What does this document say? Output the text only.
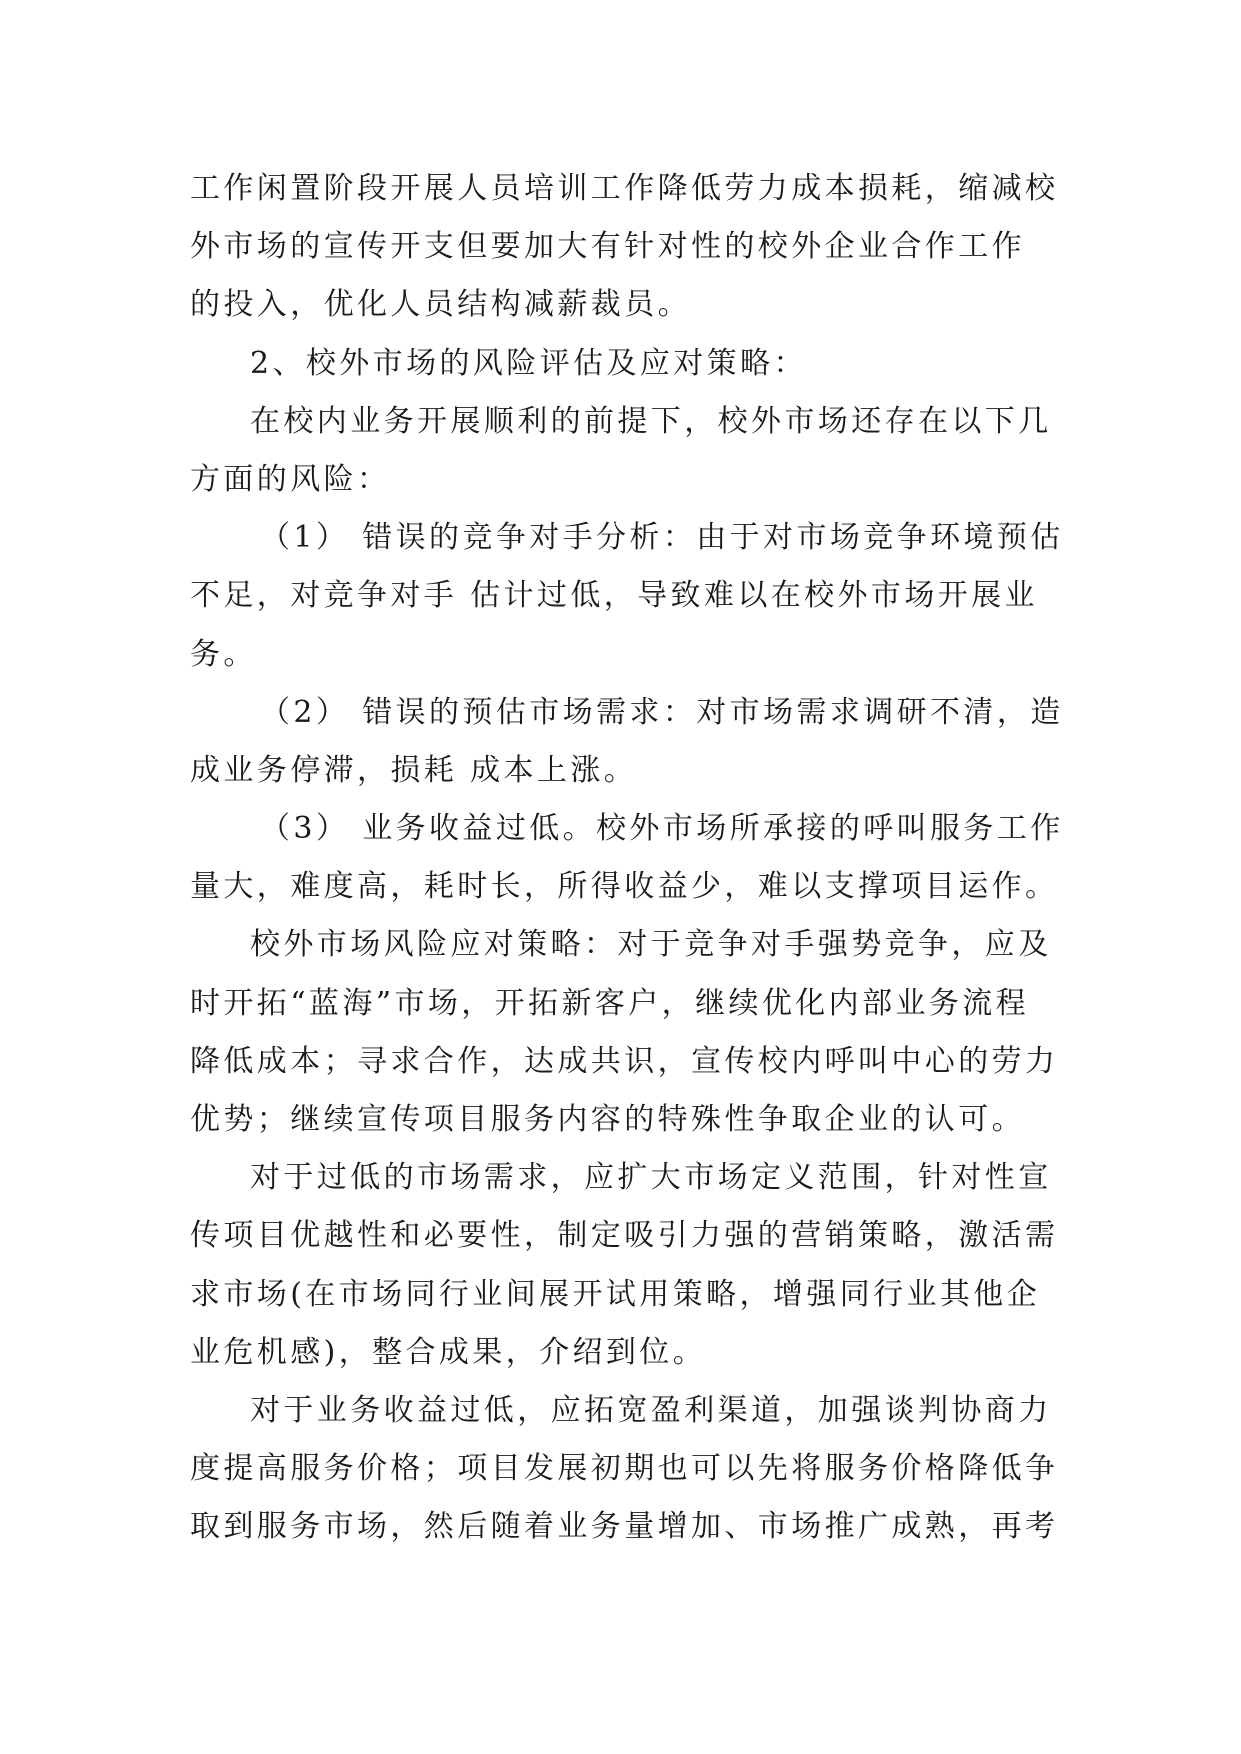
工作闲置阶段开展人员培训工作降低劳力成本损耗，缩减校
外市场的宣传开支但要加大有针对性的校外企业合作工作
的投入，优化人员结构减薪裁员。
2、校外市场的风险评估及应对策略：
在校内业务开展顺利的前提下，校外市场还存在以下几
方面的风险：
（1） 错误的竞争对手分析：由于对市场竞争环境预估
不足，对竞争对手 估计过低，导致难以在校外市场开展业
务。
（2） 错误的预估市场需求：对市场需求调研不清，造
成业务停滞，损耗 成本上涨。
（3） 业务收益过低。校外市场所承接的呼叫服务工作
量大，难度高，耗时长，所得收益少，难以支撑项目运作。
校外市场风险应对策略：对于竞争对手强势竞争，应及
时开拓“蓝海”市场，开拓新客户，继续优化内部业务流程
降低成本；寻求合作，达成共识，宣传校内呼叫中心的劳力
优势；继续宣传项目服务内容的特殊性争取企业的认可。
对于过低的市场需求，应扩大市场定义范围，针对性宣
传项目优越性和必要性，制定吸引力强的营销策略，激活需
求市场(在市场同行业间展开试用策略，增强同行业其他企
业危机感)，整合成果，介绍到位。
对于业务收益过低，应拓宽盈利渠道，加强谈判协商力
度提高服务价格；项目发展初期也可以先将服务价格降低争
取到服务市场，然后随着业务量增加、市场推广成熟，再考
